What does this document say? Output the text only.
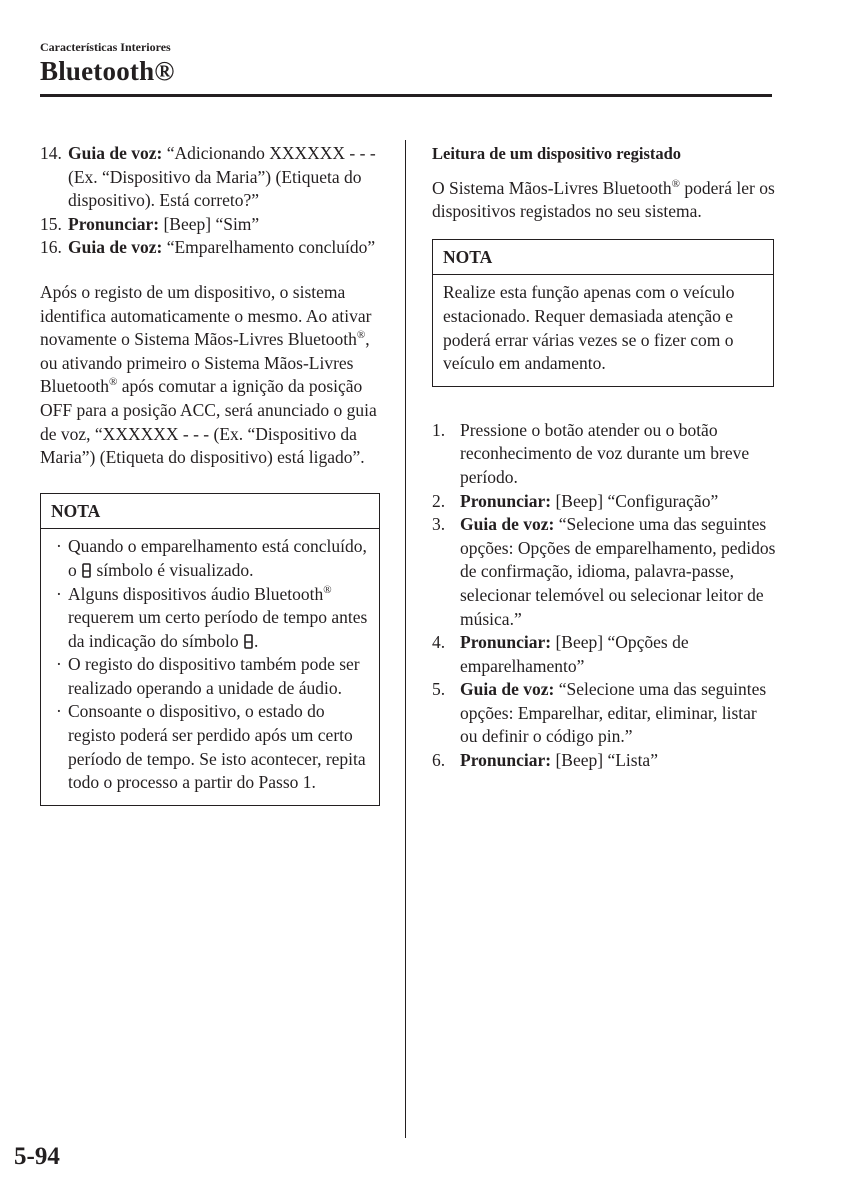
Características Interiores
Bluetooth®
14. Guia de voz: “Adicionando XXXXXX - - - (Ex. “Dispositivo da Maria”) (Etiqueta do dispositivo). Está correto?”
15. Pronunciar: [Beep] “Sim”
16. Guia de voz: “Emparelhamento concluído”

Após o registo de um dispositivo, o sistema identifica automaticamente o mesmo. Ao ativar novamente o Sistema Mãos-Livres Bluetooth®, ou ativando primeiro o Sistema Mãos-Livres Bluetooth® após comutar a ignição da posição OFF para a posição ACC, será anunciado o guia de voz, “XXXXXX - - - (Ex. “Dispositivo da Maria”) (Etiqueta do dispositivo) está ligado”.

NOTA
· Quando o emparelhamento está concluído, o símbolo é visualizado.
· Alguns dispositivos áudio Bluetooth® requerem um certo período de tempo antes da indicação do símbolo .
· O registo do dispositivo também pode ser realizado operando a unidade de áudio.
· Consoante o dispositivo, o estado do registo poderá ser perdido após um certo período de tempo. Se isto acontecer, repita todo o processo a partir do Passo 1.
Leitura de um dispositivo registado

O Sistema Mãos-Livres Bluetooth® poderá ler os dispositivos registados no seu sistema.

NOTA
Realize esta função apenas com o veículo estacionado. Requer demasiada atenção e poderá errar várias vezes se o fizer com o veículo em andamento.
1. Pressione o botão atender ou o botão reconhecimento de voz durante um breve período.
2. Pronunciar: [Beep] “Configuração”
3. Guia de voz: “Selecione uma das seguintes opções: Opções de emparelhamento, pedidos de confirmação, idioma, palavra-passe, selecionar telemóvel ou selecionar leitor de música.”
4. Pronunciar: [Beep] “Opções de emparelhamento”
5. Guia de voz: “Selecione uma das seguintes opções: Emparelhar, editar, eliminar, listar ou definir o código pin.”
6. Pronunciar: [Beep] “Lista”
5-94
